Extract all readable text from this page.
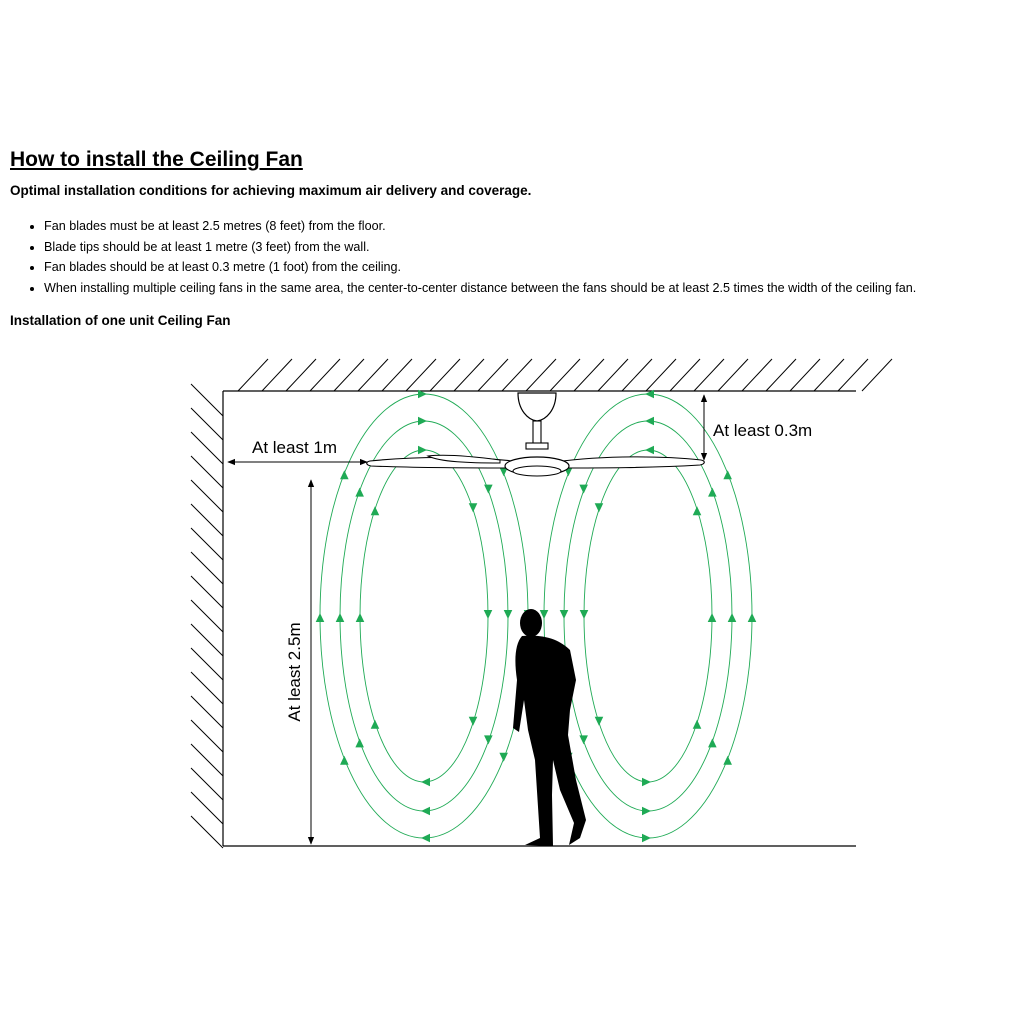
How to install the Ceiling Fan

Optimal installation conditions for achieving maximum air delivery and coverage.

• Fan blades must be at least 2.5 metres (8 feet) from the floor.
• Blade tips should be at least 1 metre (3 feet) from the wall.
• Fan blades should be at least 0.3 metre (1 foot) from the ceiling.
• When installing multiple ceiling fans in the same area, the center-to-center distance between the fans should be at least 2.5 times the width of the ceiling fan.

Installation of one unit Ceiling Fan

At least 1m
At least 0.3m
At least 2.5m
